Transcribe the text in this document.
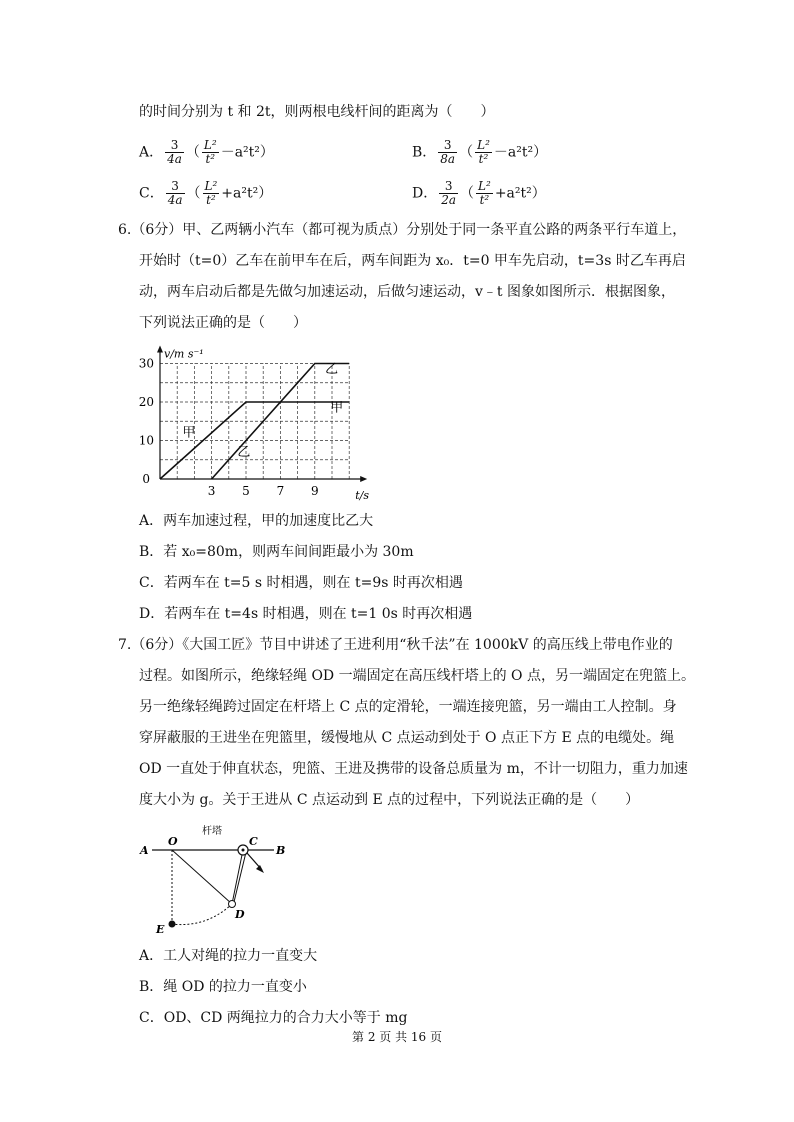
的时间分别为 t 和 2t，则两根电线杆间的距离为（　　）
A． $\frac{3}{4a}$ （ $\frac{\text{L²}}{\text{t²}} -a^2t^2$）	B． $\frac{3}{8a}$ （ $\frac{\text{L²}}{\text{t²}} -a^2t^2$）
C． $\frac{3}{4a}$ （ $\frac{\text{L²}}{\text{t²}} +a^2t^2$）	D． $\frac{3}{2a}$ （ $\frac{\text{L²}}{\text{t²}} +a^2t^2$）
6.（6分）甲、乙两辆小汽车（都可视为质点）分别处于同一条平直公路的两条平行车道上，
开始时（t=0）乙车在前甲车在后，两车间距为 x₀．t=0 甲车先启动，t=3s 时乙车再启
动，两车启动后都是先做匀加速运动，后做匀速运动，v﹣t 图象如图所示．根据图象，
下列说法正确的是（　　）
10
20
30
3 5 7 9
0
v/m s⁻¹
t/s
甲
乙
甲
乙
A．两车加速过程，甲的加速度比乙大
B．若 x₀=80m，则两车间间距最小为 30m
C．若两车在 t=5 s 时相遇，则在 t=9s 时再次相遇
D．若两车在 t=4s 时相遇，则在 t=1 0s 时再次相遇
7.（6分）《大国工匠》节目中讲述了王进利用“秋千法”在 1000kV 的高压线上带电作业的
过程。如图所示，绝缘轻绳 OD 一端固定在高压线杆塔上的 O 点，另一端固定在兜篮上。
另一绝缘轻绳跨过固定在杆塔上 C 点的定滑轮，一端连接兜篮，另一端由工人控制。身
穿屏蔽服的王进坐在兜篮里，缓慢地从 C 点运动到处于 O 点正下方 E 点的电缆处。绳
OD 一直处于伸直状态，兜篮、王进及携带的设备总质量为 m，不计一切阻力，重力加速
度大小为 g。关于王进从 C 点运动到 E 点的过程中，下列说法正确的是（　　）
A
O
杆塔
C
B
D
E
A．工人对绳的拉力一直变大
B．绳 OD 的拉力一直变小
C．OD、CD 两绳拉力的合力大小等于 mg
第 2 页 共 16 页
